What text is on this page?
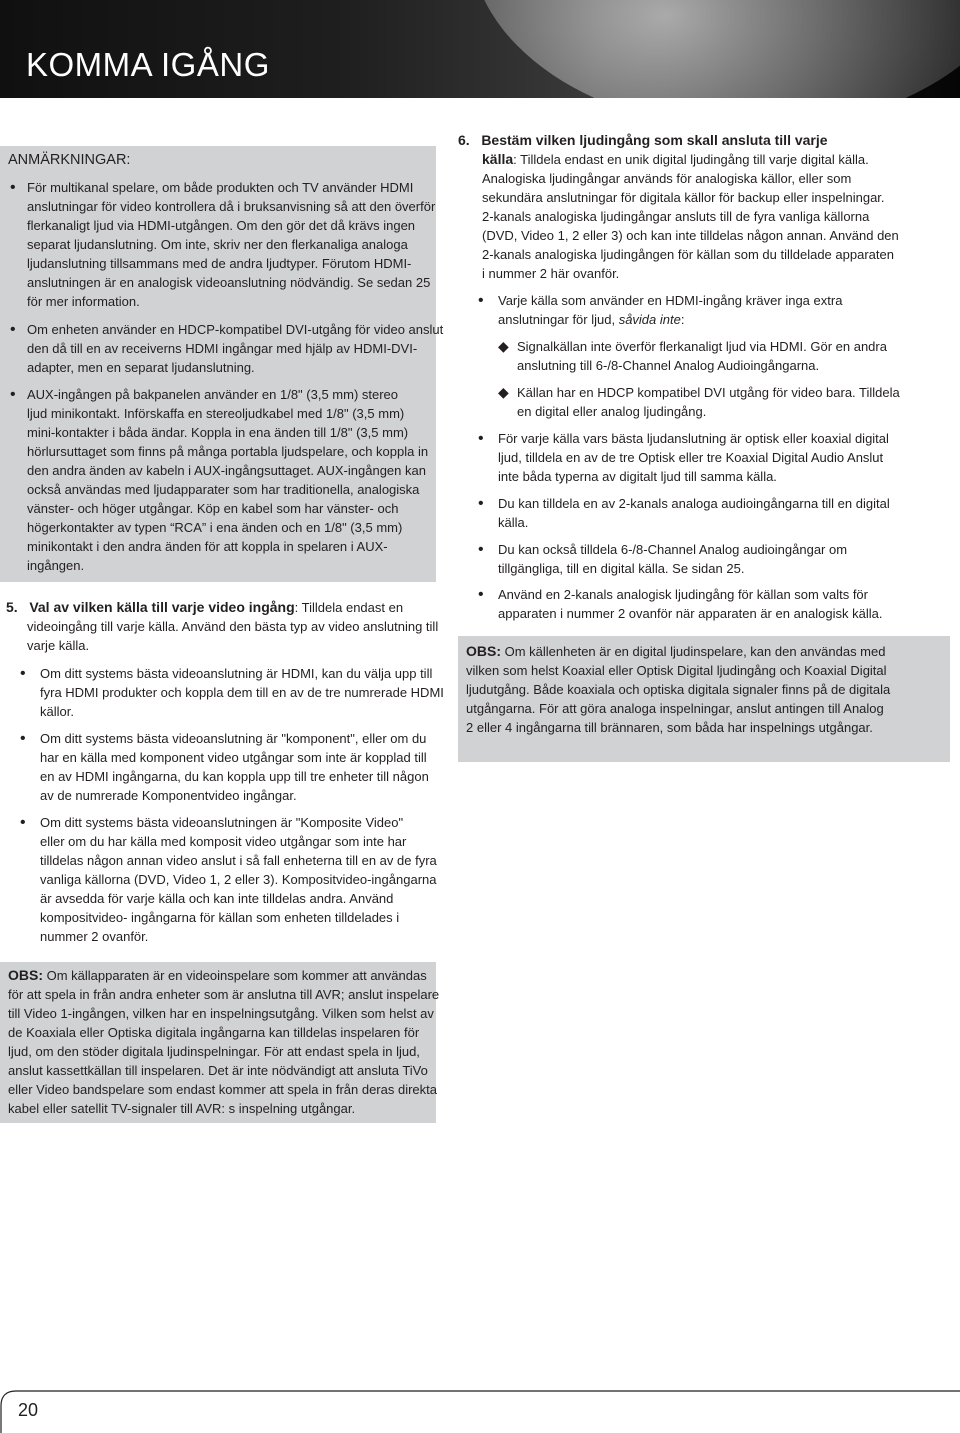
KOMMA IGÅNG
ANMÄRKNINGAR:
• För multikanal spelare, om både produkten och TV använder HDMI
anslutningar för video kontrollera då i bruksanvisning så att den överför
flerkanaligt ljud via HDMI-utgången. Om den gör det då krävs ingen
separat ljudanslutning. Om inte, skriv ner den flerkanaliga analoga
ljudanslutning tillsammans med de andra ljudtyper. Förutom HDMI-
anslutningen är en analogisk videoanslutning nödvändig. Se sedan 25
för mer information.
• Om enheten använder en HDCP-kompatibel DVI-utgång för video anslut
den då till en av receiverns HDMI ingångar med hjälp av HDMI-DVI-
adapter, men en separat ljudanslutning.
• AUX-ingången på bakpanelen använder en 1/8" (3,5 mm) stereo
ljud minikontakt. Införskaffa en stereoljudkabel med 1/8" (3,5 mm)
mini-kontakter i båda ändar. Koppla in ena änden till 1/8" (3,5 mm)
hörlursuttaget som finns på många portabla ljudspelare, och koppla in
den andra änden av kabeln i AUX-ingångsuttaget. AUX-ingången kan
också användas med ljudapparater som har traditionella, analogiska
vänster- och höger utgångar. Köp en kabel som har vänster- och
högerkontakter av typen “RCA” i ena änden och en 1/8" (3,5 mm)
minikontakt i den andra änden för att koppla in spelaren i AUX-
ingången.
5. Val av vilken källa till varje video ingång: Tilldela endast en
videoingång till varje källa. Använd den bästa typ av video anslutning till
varje källa.
• Om ditt systems bästa videoanslutning är HDMI, kan du välja upp till
fyra HDMI produkter och koppla dem till en av de tre numrerade HDMI
källor.
• Om ditt systems bästa videoanslutning är "komponent", eller om du
har en källa med komponent video utgångar som inte är kopplad till
en av HDMI ingångarna, du kan koppla upp till tre enheter till någon
av de numrerade Komponentvideo ingångar.
• Om ditt systems bästa videoanslutningen är "Komposite Video"
eller om du har källa med komposit video utgångar som inte har
tilldelas någon annan video anslut i så fall enheterna till en av de fyra
vanliga källorna (DVD, Video 1, 2 eller 3). Kompositvideo-ingångarna
är avsedda för varje källa och kan inte tilldelas andra. Använd
kompositvideo- ingångarna för källan som enheten tilldelades i
nummer 2 ovanför.
OBS: Om källapparaten är en videoinspelare som kommer att användas
för att spela in från andra enheter som är anslutna till AVR; anslut inspelare
till Video 1-ingången, vilken har en inspelningsutgång. Vilken som helst av
de Koaxiala eller Optiska digitala ingångarna kan tilldelas inspelaren för
ljud, om den stöder digitala ljudinspelningar. För att endast spela in ljud,
anslut kassettkällan till inspelaren. Det är inte nödvändigt att ansluta TiVo
eller Video bandspelare som endast kommer att spela in från deras direkta
kabel eller satellit TV-signaler till AVR: s inspelning utgångar.
6. Bestäm vilken ljudingång som skall ansluta till varje
källa: Tilldela endast en unik digital ljudingång till varje digital källa.
Analogiska ljudingångar används för analogiska källor, eller som
sekundära anslutningar för digitala källor för backup eller inspelningar.
2-kanals analogiska ljudingångar ansluts till de fyra vanliga källorna
(DVD, Video 1, 2 eller 3) och kan inte tilldelas någon annan. Använd den
2-kanals analogiska ljudingången för källan som du tilldelade apparaten
i nummer 2 här ovanför.
• Varje källa som använder en HDMI-ingång kräver inga extra
anslutningar för ljud, såvida inte:
◆ Signalkällan inte överför flerkanaligt ljud via HDMI. Gör en andra
anslutning till 6-/8-Channel Analog Audioingångarna.
◆ Källan har en HDCP kompatibel DVI utgång för video bara. Tilldela
en digital eller analog ljudingång.
• För varje källa vars bästa ljudanslutning är optisk eller koaxial digital
ljud, tilldela en av de tre Optisk eller tre Koaxial Digital Audio Anslut
inte båda typerna av digitalt ljud till samma källa.
• Du kan tilldela en av 2-kanals analoga audioingångarna till en digital
källa.
• Du kan också tilldela 6-/8-Channel Analog audioingångar om
tillgängliga, till en digital källa. Se sidan 25.
• Använd en 2-kanals analogisk ljudingång för källan som valts för
apparaten i nummer 2 ovanför när apparaten är en analogisk källa.
OBS: Om källenheten är en digital ljudinspelare, kan den användas med
vilken som helst Koaxial eller Optisk Digital ljudingång och Koaxial Digital
ljudutgång. Både koaxiala och optiska digitala signaler finns på de digitala
utgångarna. För att göra analoga inspelningar, anslut antingen till Analog
2 eller 4 ingångarna till brännaren, som båda har inspelnings utgångar.
20
